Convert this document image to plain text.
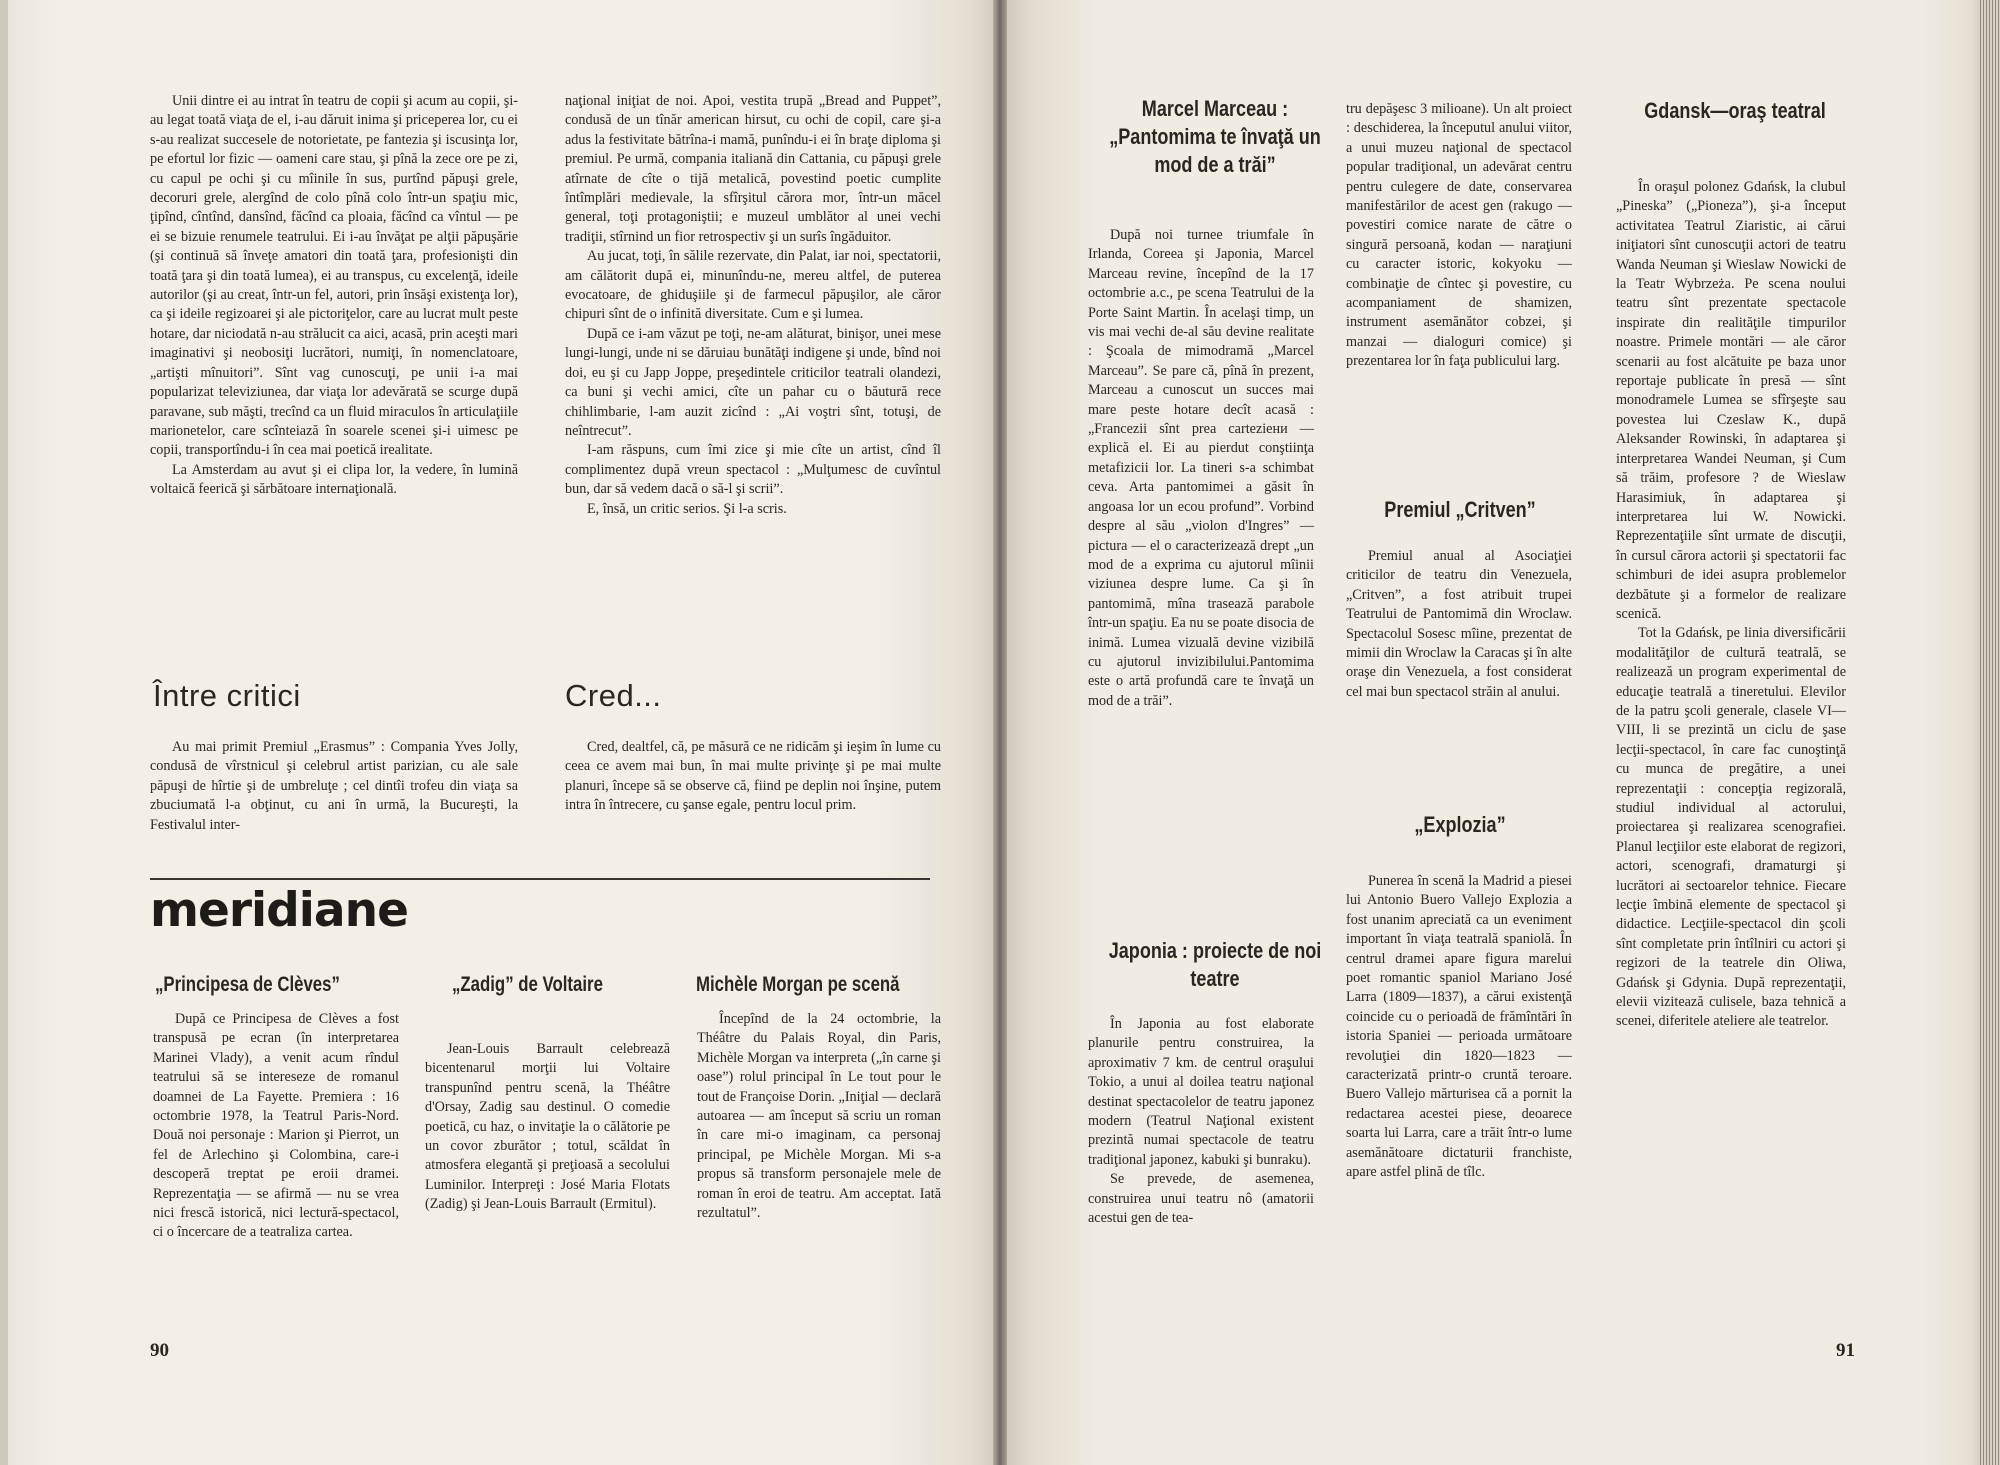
Unii dintre ei au intrat în teatru de copii şi acum au copii, şi-au legat toată viaţa de el, i-au dăruit inima şi priceperea lor, cu ei s-au realizat succesele de notorietate, pe fantezia şi iscusinţa lor, pe efortul lor fizic — oameni care stau, şi pînă la zece ore pe zi, cu capul pe ochi şi cu mîinile în sus, purtînd păpuşi grele, decoruri grele, alergînd de colo pînă colo într-un spaţiu mic, ţipînd, cîntînd, dansînd, făcînd ca ploaia, făcînd ca vîntul — pe ei se bizuie renumele teatrului. Ei i-au învăţat pe alţii păpuşărie (şi continuă să înveţe amatori din toată ţara, profesionişti din toată ţara şi din toată lumea), ei au transpus, cu excelenţă, ideile autorilor (şi au creat, într-un fel, autori, prin însăşi existenţa lor), ca şi ideile regizoarei şi ale pictoriţelor, care au lucrat mult peste hotare, dar niciodată n-au strălucit ca aici, acasă, prin aceşti mari imaginativi şi neobosiţi lucrători, numiţi, în nomenclatoare, „artişti mînuitori”. Sînt vag cunoscuţi, pe unii i-a mai popularizat televiziunea, dar viaţa lor adevărată se scurge după paravane, sub măşti, trecînd ca un fluid miraculos în articulaţiile marionetelor, care scînteiază în soarele scenei şi-i uimesc pe copii, transportîndu-i în cea mai poetică irealitate.

La Amsterdam au avut şi ei clipa lor, la vedere, în lumină voltaică feerică şi sărbătoare internaţională.

naţional iniţiat de noi. Apoi, vestita trupă „Bread and Puppet”, condusă de un tînăr american hirsut, cu ochi de copil, care şi-a adus la festivitate bătrîna-i mamă, punîndu-i ei în braţe diploma şi premiul. Pe urmă, compania italiană din Cattania, cu păpuşi grele atîrnate de cîte o tijă metalică, povestind poetic cumplite întîmplări medievale, la sfîrşitul cărora mor, într-un măcel general, toţi protagoniştii; e muzeul umblător al unei vechi tradiţii, stîrnind un fior retrospectiv şi un surîs îngăduitor.

Au jucat, toţi, în sălile rezervate, din Palat, iar noi, spectatorii, am călătorit după ei, minunîndu-ne, mereu altfel, de puterea evocatoare, de ghiduşiile şi de farmecul păpuşilor, ale căror chipuri sînt de o infinită diversitate. Cum e şi lumea.

După ce i-am văzut pe toţi, ne-am alăturat, binişor, unei mese lungi-lungi, unde ni se dăruiau bunătăţi indigene şi unde, bînd noi doi, eu şi cu Japp Joppe, preşedintele criticilor teatrali olandezi, ca buni şi vechi amici, cîte un pahar cu o băutură rece chihlimbarie, l-am auzit zicînd : „Ai voştri sînt, totuşi, de neîntrecut”.

I-am răspuns, cum îmi zice şi mie cîte un artist, cînd îl complimentez după vreun spectacol : „Mulţumesc de cuvîntul bun, dar să vedem dacă o să-l şi scrii”.

E, însă, un critic serios. Şi l-a scris.

Între critici

Au mai primit Premiul „Erasmus” : Compania Yves Jolly, condusă de vîrstnicul şi celebrul artist parizian, cu ale sale păpuşi de hîrtie şi de umbreluţe ; cel dintîi trofeu din viaţa sa zbuciumată l-a obţinut, cu ani în urmă, la Bucureşti, la Festivalul inter-

Cred...

Cred, dealtfel, că, pe măsură ce ne ridicăm şi ieşim în lume cu ceea ce avem mai bun, în mai multe privinţe şi pe mai multe planuri, începe să se observe că, fiind pe deplin noi înşine, putem intra în întrecere, cu şanse egale, pentru locul prim.

meridiane
„Principesa de Clèves”

După ce Principesa de Clèves a fost transpusă pe ecran (în interpretarea Marinei Vlady), a venit acum rîndul teatrului să se intereseze de romanul doamnei de La Fayette. Premiera : 16 octombrie 1978, la Teatrul Paris-Nord. Două noi personaje : Marion şi Pierrot, un fel de Arlechino şi Colombina, care-i descoperă treptat pe eroii dramei. Reprezentaţia — se afirmă — nu se vrea nici frescă istorică, nici lectură-spectacol, ci o încercare de a teatraliza cartea.

„Zadig” de Voltaire

Jean-Louis Barrault celebrează bicentenarul morţii lui Voltaire transpunînd pentru scenă, la Théâtre d'Orsay, Zadig sau destinul. O comedie poetică, cu haz, o invitaţie la o călătorie pe un covor zburător ; totul, scăldat în atmosfera elegantă şi preţioasă a secolului Luminilor. Interpreţi : José Maria Flotats (Zadig) şi Jean-Louis Barrault (Ermitul).

Michèle Morgan pe scenă

Începînd de la 24 octombrie, la Théâtre du Palais Royal, din Paris, Michèle Morgan va interpreta („în carne şi oase”) rolul principal în Le tout pour le tout de Françoise Dorin. „Iniţial — declară autoarea — am început să scriu un roman în care mi-o imaginam, ca personaj principal, pe Michèle Morgan. Mi s-a propus să transform personajele mele de roman în eroi de teatru. Am acceptat. Iată rezultatul”.

90
Marcel Marceau : „Pantomima te învaţă un mod de a trăi”

După noi turnee triumfale în Irlanda, Coreea şi Japonia, Marcel Marceau revine, începînd de la 17 octombrie a.c., pe scena Teatrului de la Porte Saint Martin. În acelaşi timp, un vis mai vechi de-al său devine realitate : Şcoala de mimodramă „Marcel Marceau”. Se pare că, pînă în prezent, Marceau a cunoscut un succes mai mare peste hotare decît acasă : „Francezii sînt prea carteziени — explică el. Ei au pierdut conştiinţa metafizicii lor. La tineri s-a schimbat ceva. Arta pantomimei a găsit în angoasa lor un ecou profund”. Vorbind despre al său „violon d'Ingres” — pictura — el o caracterizează drept „un mod de a exprima cu ajutorul mîinii viziunea despre lume. Ca şi în pantomimă, mîna trasează parabole într-un spaţiu. Ea nu se poate disocia de inimă. Lumea vizuală devine vizibilă cu ajutorul invizibilului.Pantomima este o artă profundă care te învaţă un mod de a trăi”.

Japonia : proiecte de noi teatre

În Japonia au fost elaborate planurile pentru construirea, la aproximativ 7 km. de centrul oraşului Tokio, a unui al doilea teatru naţional destinat spectacolelor de teatru japonez modern (Teatrul Naţional existent prezintă numai spectacole de teatru tradiţional japonez, kabuki şi bunraku).

Se prevede, de asemenea, construirea unui teatru nô (amatorii acestui gen de tea-

tru depăşesc 3 milioane). Un alt proiect : deschiderea, la începutul anului viitor, a unui muzeu naţional de spectacol popular tradiţional, un adevărat centru pentru culegere de date, conservarea manifestărilor de acest gen (rakugo — povestiri comice narate de către o singură persoană, kodan — naraţiuni cu caracter istoric, kokyoku — combinaţie de cîntec şi povestire, cu acompaniament de shamizen, instrument asemănător cobzei, şi manzai — dialoguri comice) şi prezentarea lor în faţa publicului larg.

Premiul „Critven”

Premiul anual al Asociaţiei criticilor de teatru din Venezuela, „Critven”, a fost atribuit trupei Teatrului de Pantomimă din Wroclaw. Spectacolul Sosesc mîine, prezentat de mimii din Wroclaw la Caracas şi în alte oraşe din Venezuela, a fost considerat cel mai bun spectacol străin al anului.

„Explozia”

Punerea în scenă la Madrid a piesei lui Antonio Buero Vallejo Explozia a fost unanim apreciată ca un eveniment important în viaţa teatrală spaniolă. În centrul dramei apare figura marelui poet romantic spaniol Mariano José Larra (1809—1837), a cărui existenţă coincide cu o perioadă de frămîntări în istoria Spaniei — perioada următoare revoluţiei din 1820—1823 — caracterizată printr-o cruntă teroare. Buero Vallejo mărturisea că a pornit la redactarea acestei piese, deoarece soarta lui Larra, care a trăit într-o lume asemănătoare dictaturii franchiste, apare astfel plină de tîlc.

Gdansk—oraş teatral

În oraşul polonez Gdańsk, la clubul „Pineska” („Pioneza”), şi-a început activitatea Teatrul Ziaristic, ai cărui iniţiatori sînt cunoscuţii actori de teatru Wanda Neuman şi Wieslaw Nowicki de la Teatr Wybrzeża. Pe scena noului teatru sînt prezentate spectacole inspirate din realităţile timpurilor noastre. Primele montări — ale căror scenarii au fost alcătuite pe baza unor reportaje publicate în presă — sînt monodramele Lumea se sfîrşeşte sau povestea lui Czeslaw K., după Aleksander Rowinski, în adaptarea şi interpretarea Wandei Neuman, şi Cum să trăim, profesore ? de Wieslaw Harasimiuk, în adaptarea şi interpretarea lui W. Nowicki. Reprezentaţiile sînt urmate de discuţii, în cursul cărora actorii şi spectatorii fac schimburi de idei asupra problemelor dezbătute şi a formelor de realizare scenică.

Tot la Gdańsk, pe linia diversificării modalităţilor de cultură teatrală, se realizează un program experimental de educaţie teatrală a tineretului. Elevilor de la patru şcoli generale, clasele VI—VIII, li se prezintă un ciclu de şase lecţii-spectacol, în care fac cunoştinţă cu munca de pregătire, a unei reprezentaţii : concepţia regizorală, studiul individual al actorului, proiectarea şi realizarea scenografiei. Planul lecţiilor este elaborat de regizori, actori, scenografi, dramaturgi şi lucrători ai sectoarelor tehnice. Fiecare lecţie îmbină elemente de spectacol şi didactice. Lecţiile-spectacol din şcoli sînt completate prin întîlniri cu actori şi regizori de la teatrele din Oliwa, Gdańsk şi Gdynia. După reprezentaţii, elevii vizitează culisele, baza tehnică a scenei, diferitele ateliere ale teatrelor.

91
